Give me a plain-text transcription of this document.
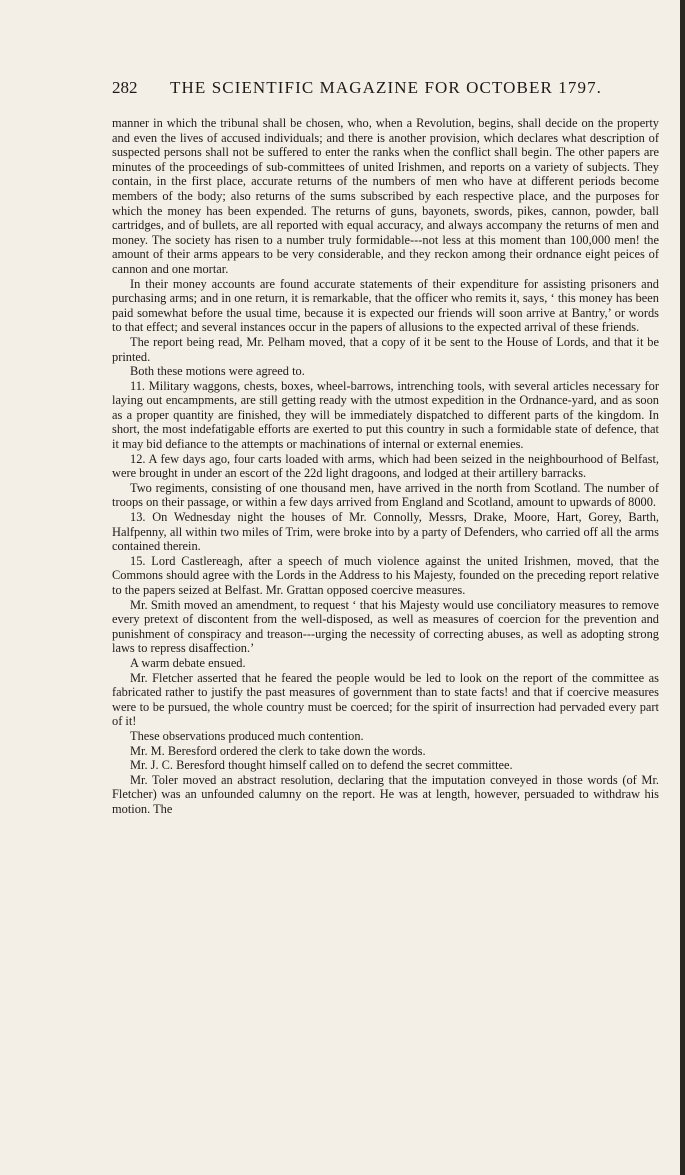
282	THE SCIENTIFIC MAGAZINE FOR OCTOBER 1797.

manner in which the tribunal shall be chosen, who, when a Revolution, begins, shall decide on the property and even the lives of accused individuals; and there is another provision, which declares what description of suspected persons shall not be suffered to enter the ranks when the conflict shall begin. The other papers are minutes of the proceedings of sub-committees of united Irishmen, and reports on a variety of subjects. They contain, in the first place, accurate returns of the numbers of men who have at different periods become members of the body; also returns of the sums subscribed by each respective place, and the purposes for which the money has been expended. The returns of guns, bayonets, swords, pikes, cannon, powder, ball cartridges, and of bullets, are all reported with equal accuracy, and always accompany the returns of men and money. The society has risen to a number truly formidable---not less at this moment than 100,000 men! the amount of their arms appears to be very considerable, and they reckon among their ordnance eight peices of cannon and one mortar.

In their money accounts are found accurate statements of their expenditure for assisting prisoners and purchasing arms; and in one return, it is remarkable, that the officer who remits it, says, ‘ this money has been paid somewhat before the usual time, because it is expected our friends will soon arrive at Bantry,’ or words to that effect; and several instances occur in the papers of allusions to the expected arrival of these friends.

The report being read, Mr. Pelham moved, that a copy of it be sent to the House of Lords, and that it be printed.

Both these motions were agreed to.

11. Military waggons, chests, boxes, wheel-barrows, intrenching tools, with several articles necessary for laying out encampments, are still getting ready with the utmost expedition in the Ordnance-yard, and as soon as a proper quantity are finished, they will be immediately dispatched to different parts of the kingdom. In short, the most indefatigable efforts are exerted to put this country in such a formidable state of defence, that it may bid defiance to the attempts or machinations of internal or external enemies.

12. A few days ago, four carts loaded with arms, which had been seized in the neighbourhood of Belfast, were brought in under an escort of the 22d light dragoons, and lodged at their artillery barracks.

Two regiments, consisting of one thousand men, have arrived in the north from Scotland. The number of troops on their passage, or within a few days arrived from England and Scotland, amount to upwards of 8000.

13. On Wednesday night the houses of Mr. Connolly, Messrs, Drake, Moore, Hart, Gorey, Barth, Halfpenny, all within two miles of Trim, were broke into by a party of Defenders, who carried off all the arms contained therein.

15. Lord Castlereagh, after a speech of much violence against the united Irishmen, moved, that the Commons should agree with the Lords in the Address to his Majesty, founded on the preceding report relative to the papers seized at Belfast. Mr. Grattan opposed coercive measures.

Mr. Smith moved an amendment, to request ‘ that his Majesty would use conciliatory measures to remove every pretext of discontent from the well-disposed, as well as measures of coercion for the prevention and punishment of conspiracy and treason---urging the necessity of correcting abuses, as well as adopting strong laws to repress disaffection.’

A warm debate ensued.

Mr. Fletcher asserted that he feared the people would be led to look on the report of the committee as fabricated rather to justify the past measures of government than to state facts! and that if coercive measures were to be pursued, the whole country must be coerced; for the spirit of insurrection had pervaded every part of it!

These observations produced much contention.

Mr. M. Beresford ordered the clerk to take down the words.

Mr. J. C. Beresford thought himself called on to defend the secret committee.

Mr. Toler moved an abstract resolution, declaring that the imputation conveyed in those words (of Mr. Fletcher) was an unfounded calumny on the report. He was at length, however, persuaded to withdraw his motion. The
